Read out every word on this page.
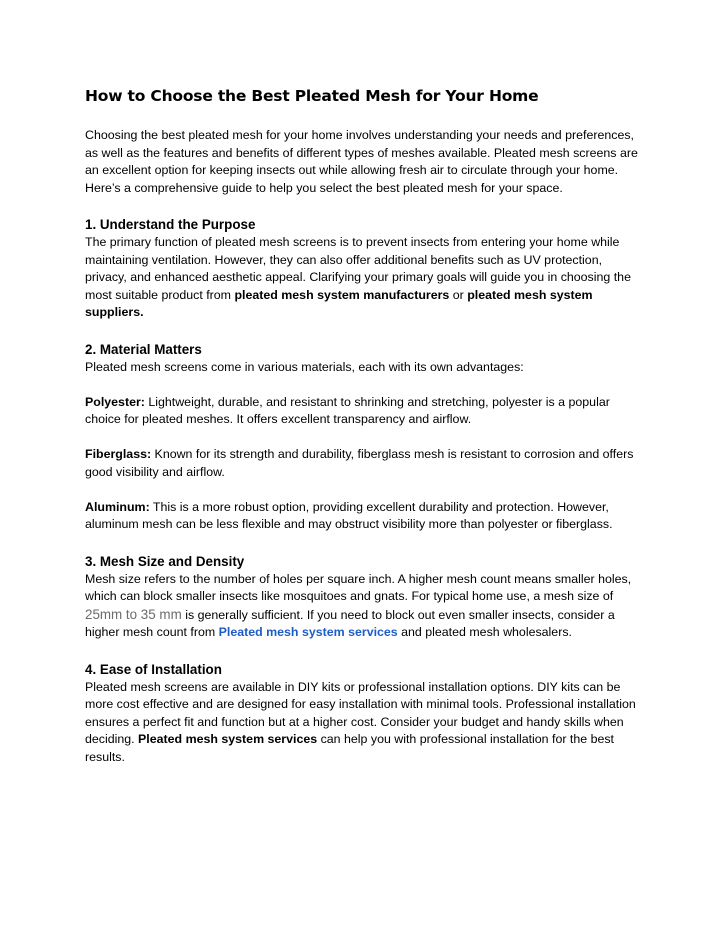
How to Choose the Best Pleated Mesh for Your Home

Choosing the best pleated mesh for your home involves understanding your needs and preferences, as well as the features and benefits of different types of meshes available. Pleated mesh screens are an excellent option for keeping insects out while allowing fresh air to circulate through your home. Here’s a comprehensive guide to help you select the best pleated mesh for your space.

1. Understand the Purpose

The primary function of pleated mesh screens is to prevent insects from entering your home while maintaining ventilation. However, they can also offer additional benefits such as UV protection, privacy, and enhanced aesthetic appeal. Clarifying your primary goals will guide you in choosing the most suitable product from pleated mesh system manufacturers or pleated mesh system suppliers.

2. Material Matters

Pleated mesh screens come in various materials, each with its own advantages:

Polyester: Lightweight, durable, and resistant to shrinking and stretching, polyester is a popular choice for pleated meshes. It offers excellent transparency and airflow.

Fiberglass: Known for its strength and durability, fiberglass mesh is resistant to corrosion and offers good visibility and airflow.

Aluminum: This is a more robust option, providing excellent durability and protection. However, aluminum mesh can be less flexible and may obstruct visibility more than polyester or fiberglass.

3. Mesh Size and Density

Mesh size refers to the number of holes per square inch. A higher mesh count means smaller holes, which can block smaller insects like mosquitoes and gnats. For typical home use, a mesh size of 25mm to 35 mm is generally sufficient. If you need to block out even smaller insects, consider a higher mesh count from Pleated mesh system services and pleated mesh wholesalers.

4. Ease of Installation

Pleated mesh screens are available in DIY kits or professional installation options. DIY kits can be more cost effective and are designed for easy installation with minimal tools. Professional installation ensures a perfect fit and function but at a higher cost. Consider your budget and handy skills when deciding. Pleated mesh system services can help you with professional installation for the best results.
